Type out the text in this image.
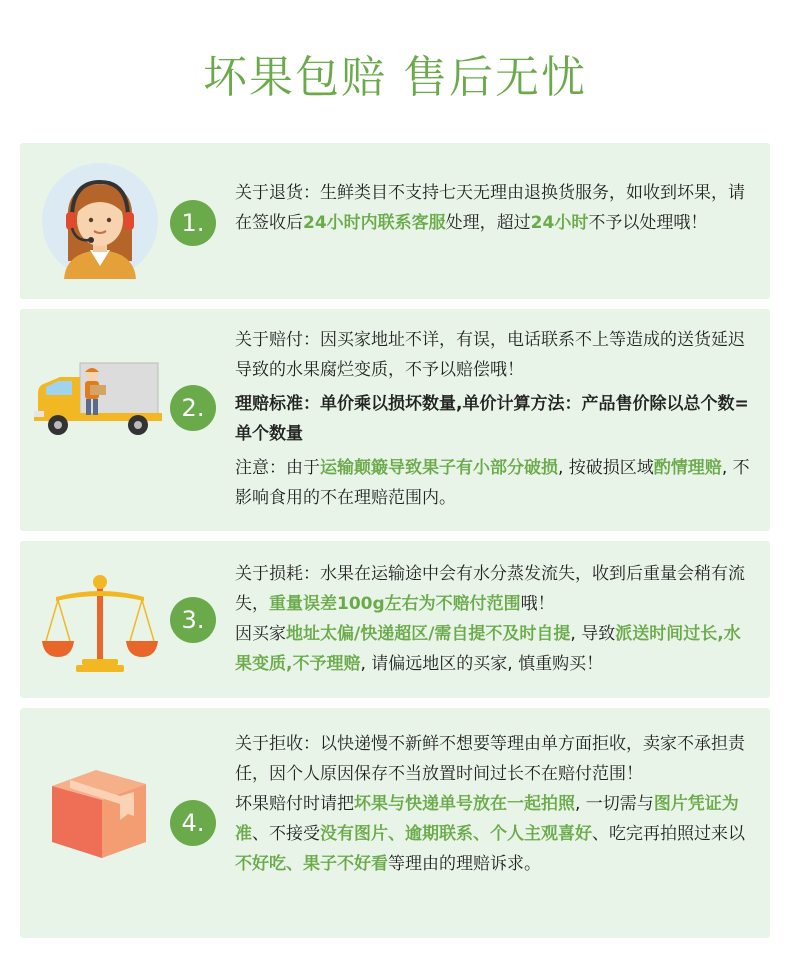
坏果包赔 售后无忧
1.

关于退货：生鲜类目不支持七天无理由退换货服务，如收到坏果，请在签收后24小时内联系客服处理，超过24小时不予以处理哦！

2.

关于赔付：因买家地址不详，有误，电话联系不上等造成的送货延迟导致的水果腐烂变质，不予以赔偿哦！

理赔标准：单价乘以损坏数量,单价计算方法：产品售价除以总个数=单个数量

注意：由于运输颠簸导致果子有小部分破损, 按破损区域酌情理赔, 不影响食用的不在理赔范围内。

3.

关于损耗：水果在运输途中会有水分蒸发流失，收到后重量会稍有流失，重量误差100g左右为不赔付范围哦！

因买家地址太偏/快递超区/需自提不及时自提, 导致派送时间过长,水果变质,不予理赔, 请偏远地区的买家, 慎重购买！

4.

关于拒收：以快递慢不新鲜不想要等理由单方面拒收，卖家不承担责任，因个人原因保存不当放置时间过长不在赔付范围！

坏果赔付时请把坏果与快递单号放在一起拍照, 一切需与图片凭证为准、不接受没有图片、逾期联系、个人主观喜好、吃完再拍照过来以不好吃、果子不好看等理由的理赔诉求。
